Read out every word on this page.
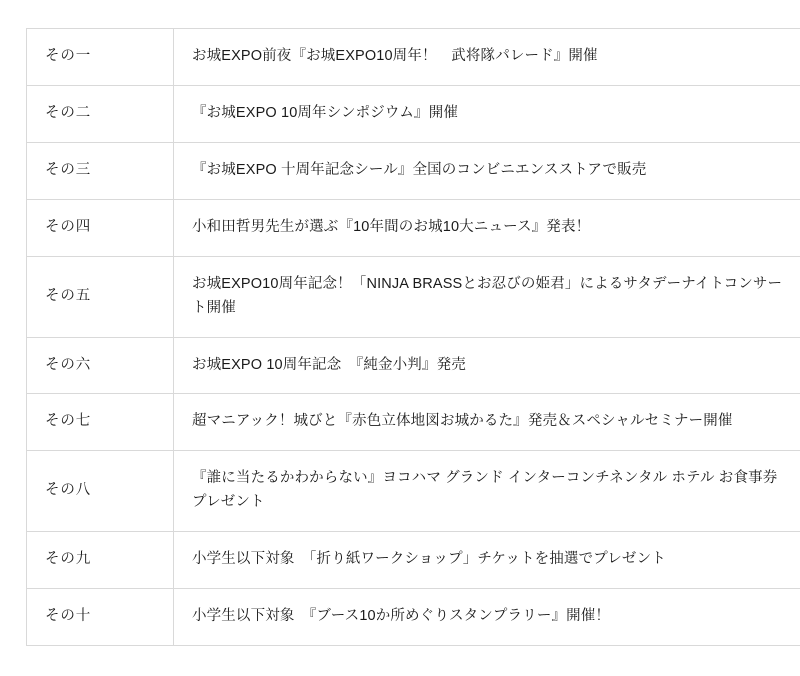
その一	お城EXPO前夜『お城EXPO10周年！　武将隊パレード』開催
その二	『お城EXPO 10周年シンポジウム』開催
その三	『お城EXPO 十周年記念シール』全国のコンビニエンスストアで販売
その四	小和田哲男先生が選ぶ『10年間のお城10大ニュース』発表！
その五	お城EXPO10周年記念！「NINJA BRASSとお忍びの姫君」によるサタデーナイトコンサート開催
その六	お城EXPO 10周年記念　『純金小判』発売
その七	超マニアック！城びと『赤色立体地図お城かるた』発売＆スペシャルセミナー開催
その八	『誰に当たるかわからない』ヨコハマ グランド インターコンチネンタル ホテル お食事券プレゼント
その九	小学生以下対象　「折り紙ワークショップ」チケットを抽選でプレゼント
その十	小学生以下対象　『ブース10か所めぐりスタンプラリー』開催！
